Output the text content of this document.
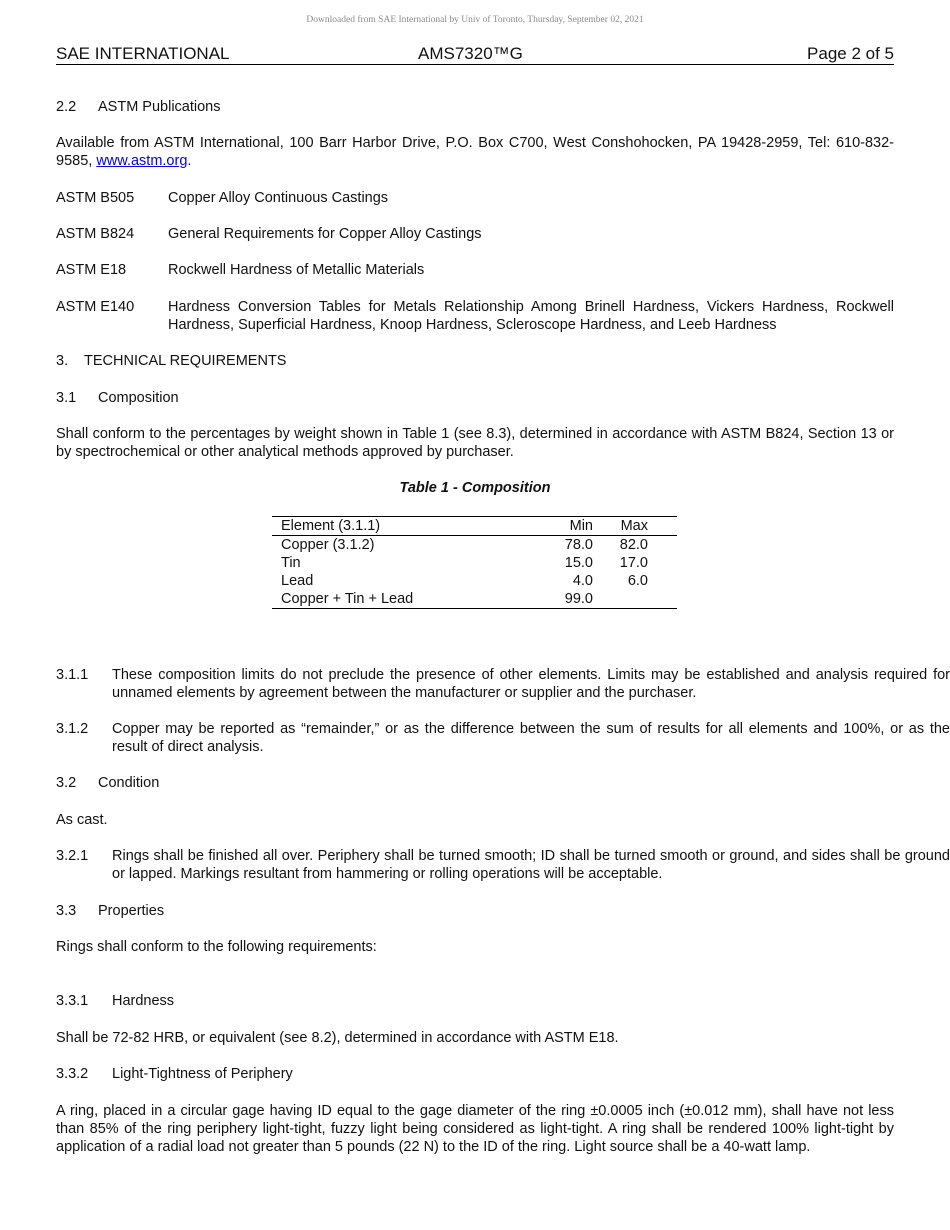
Downloaded from SAE International by Univ of Toronto, Thursday, September 02, 2021
SAE INTERNATIONAL	AMS7320™G	Page 2 of 5
2.2 ASTM Publications
Available from ASTM International, 100 Barr Harbor Drive, P.O. Box C700, West Conshohocken, PA 19428-2959, Tel: 610-832-9585, www.astm.org.
ASTM B505 Copper Alloy Continuous Castings
ASTM B824 General Requirements for Copper Alloy Castings
ASTM E18	Rockwell Hardness of Metallic Materials
ASTM E140 Hardness Conversion Tables for Metals Relationship Among Brinell Hardness, Vickers Hardness, Rockwell Hardness, Superficial Hardness, Knoop Hardness, Scleroscope Hardness, and Leeb Hardness
3. TECHNICAL REQUIREMENTS
3.1 Composition
Shall conform to the percentages by weight shown in Table 1 (see 8.3), determined in accordance with ASTM B824, Section 13 or by spectrochemical or other analytical methods approved by purchaser.
Table 1 - Composition
Element (3.1.1)	Min	Max
Copper (3.1.2)	78.0	82.0
Tin	15.0	17.0
Lead	4.0	6.0
Copper + Tin + Lead	99.0	
3.1.1 These composition limits do not preclude the presence of other elements. Limits may be established and analysis required for unnamed elements by agreement between the manufacturer or supplier and the purchaser.
3.1.2 Copper may be reported as “remainder,” or as the difference between the sum of results for all elements and 100%, or as the result of direct analysis.
3.2 Condition
As cast.
3.2.1 Rings shall be finished all over. Periphery shall be turned smooth; ID shall be turned smooth or ground, and sides shall be ground or lapped. Markings resultant from hammering or rolling operations will be acceptable.
3.3 Properties
Rings shall conform to the following requirements:
3.3.1 Hardness
Shall be 72-82 HRB, or equivalent (see 8.2), determined in accordance with ASTM E18.
3.3.2 Light-Tightness of Periphery
A ring, placed in a circular gage having ID equal to the gage diameter of the ring ±0.0005 inch (±0.012 mm), shall have not less than 85% of the ring periphery light-tight, fuzzy light being considered as light-tight. A ring shall be rendered 100% light-tight by application of a radial load not greater than 5 pounds (22 N) to the ID of the ring. Light source shall be a 40-watt lamp.
